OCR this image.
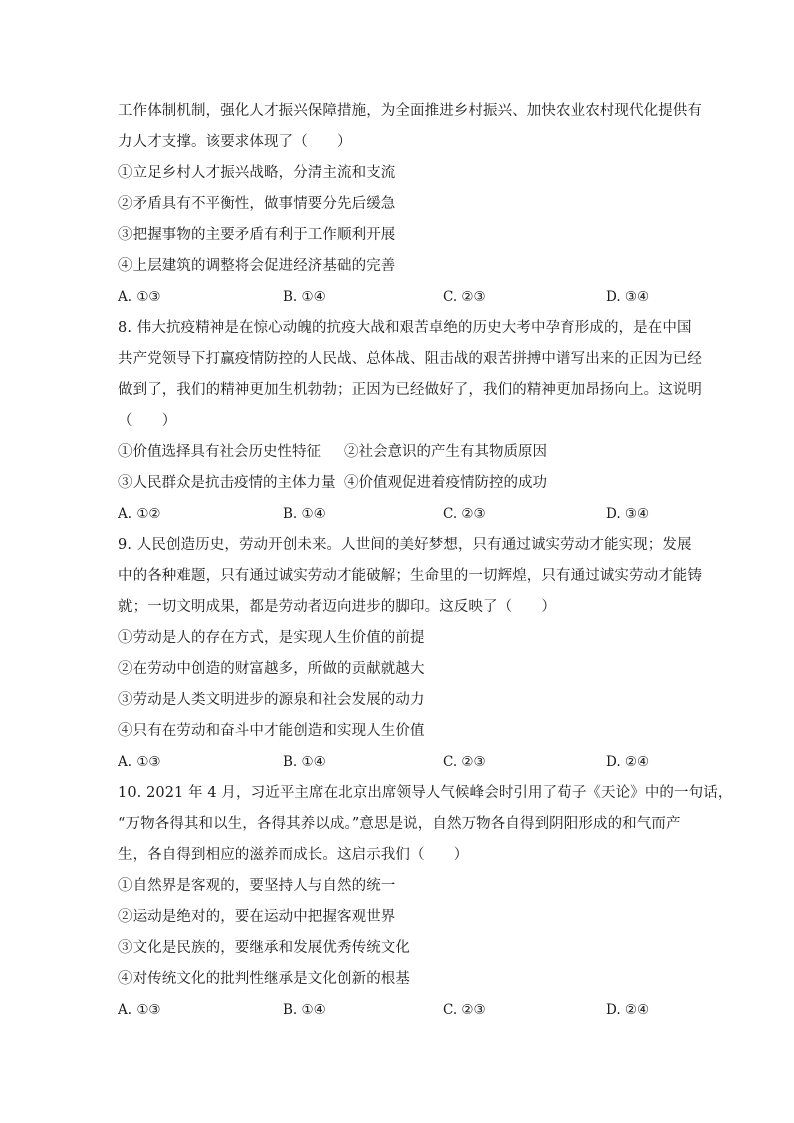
工作体制机制，强化人才振兴保障措施，为全面推进乡村振兴、加快农业农村现代化提供有
力人才支撑。该要求体现了（　　）
①立足乡村人才振兴战略，分清主流和支流
②矛盾具有不平衡性，做事情要分先后缓急
③把握事物的主要矛盾有利于工作顺利开展
④上层建筑的调整将会促进经济基础的完善
A. ①③	B. ①④	C. ②③	D. ③④
8. 伟大抗疫精神是在惊心动魄的抗疫大战和艰苦卓绝的历史大考中孕育形成的，是在中国
共产党领导下打赢疫情防控的人民战、总体战、阻击战的艰苦拼搏中谱写出来的正因为已经
做到了，我们的精神更加生机勃勃；正因为已经做好了，我们的精神更加昂扬向上。这说明
（　　）
①价值选择具有社会历史性特征 ②社会意识的产生有其物质原因
③人民群众是抗击疫情的主体力量 ④价值观促进着疫情防控的成功
A. ①②	B. ①④	C. ②③	D. ③④
9. 人民创造历史，劳动开创未来。人世间的美好梦想，只有通过诚实劳动才能实现；发展
中的各种难题，只有通过诚实劳动才能破解；生命里的一切辉煌，只有通过诚实劳动才能铸
就；一切文明成果，都是劳动者迈向进步的脚印。这反映了（　　）
①劳动是人的存在方式，是实现人生价值的前提
②在劳动中创造的财富越多，所做的贡献就越大
③劳动是人类文明进步的源泉和社会发展的动力
④只有在劳动和奋斗中才能创造和实现人生价值
A. ①③	B. ①④	C. ②③	D. ②④
10. 2021 年 4 月，习近平主席在北京出席领导人气候峰会时引用了荀子《天论》中的一句话，
“万物各得其和以生，各得其养以成。”意思是说，自然万物各自得到阴阳形成的和气而产
生，各自得到相应的滋养而成长。这启示我们（　　）
①自然界是客观的，要坚持人与自然的统一
②运动是绝对的，要在运动中把握客观世界
③文化是民族的，要继承和发展优秀传统文化
④对传统文化的批判性继承是文化创新的根基
A. ①③	B. ①④	C. ②③	D. ②④
